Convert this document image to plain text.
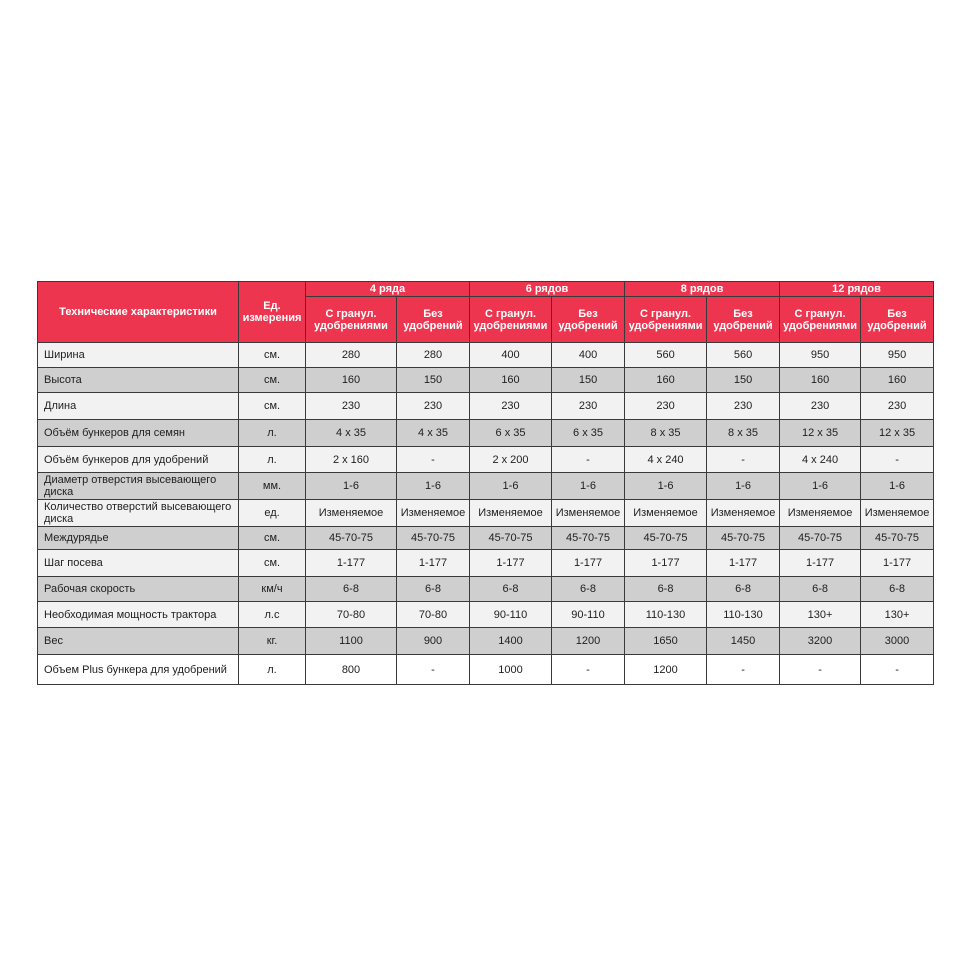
Технические характеристики	Ед. измерения	4 ряда		6 рядов		8 рядов		12 рядов	
		С гранул. удобрениями	Без удобрений	С гранул. удобрениями	Без удобрений	С гранул. удобрениями	Без удобрений	С гранул. удобрениями	Без удобрений
Ширина	см.	280	280	400	400	560	560	950	950
Высота	см.	160	150	160	150	160	150	160	160
Длина	см.	230	230	230	230	230	230	230	230
Объём бункеров для семян	л.	4 x 35	4 x 35	6 x 35	6 x 35	8 x 35	8 x 35	12 x 35	12 x 35
Объём бункеров для удобрений	л.	2 x 160	-	2 x 200	-	4 x 240	-	4 x 240	-
Диаметр отверстия высевающего диска	мм.	1-6	1-6	1-6	1-6	1-6	1-6	1-6	1-6
Количество отверстий высевающего диска	ед.	Изменяемое	Изменяемое	Изменяемое	Изменяемое	Изменяемое	Изменяемое	Изменяемое	Изменяемое
Междурядье	см.	45-70-75	45-70-75	45-70-75	45-70-75	45-70-75	45-70-75	45-70-75	45-70-75
Шаг посева	см.	1-177	1-177	1-177	1-177	1-177	1-177	1-177	1-177
Рабочая скорость	км/ч	6-8	6-8	6-8	6-8	6-8	6-8	6-8	6-8
Необходимая мощность трактора	л.с	70-80	70-80	90-110	90-110	110-130	110-130	130+	130+
Вес	кг.	1100	900	1400	1200	1650	1450	3200	3000
Объем Plus бункера для удобрений	л.	800	-	1000	-	1200	-	-	-
